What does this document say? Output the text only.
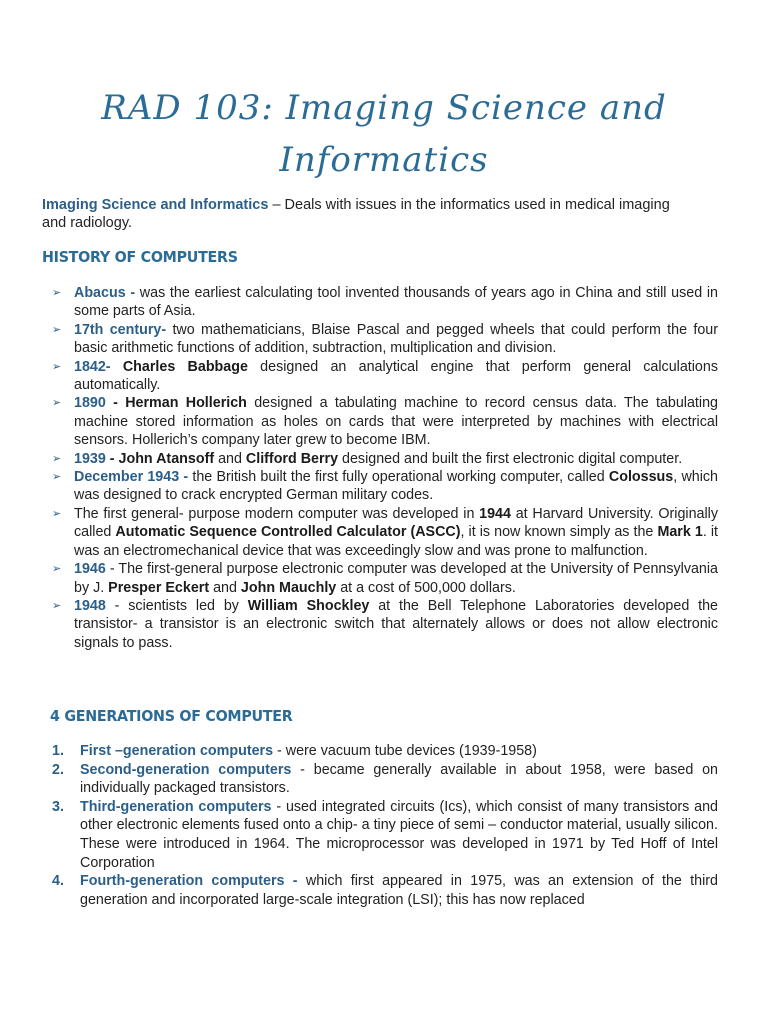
RAD 103: Imaging Science and
Informatics
Imaging Science and Informatics – Deals with issues in the informatics used in medical imaging and radiology.
HISTORY OF COMPUTERS
➢ Abacus - was the earliest calculating tool invented thousands of years ago in China and still used in some parts of Asia.
➢ 17th century- two mathematicians, Blaise Pascal and pegged wheels that could perform the four basic arithmetic functions of addition, subtraction, multiplication and division.
➢ 1842- Charles Babbage designed an analytical engine that perform general calculations automatically.
➢ 1890 - Herman Hollerich designed a tabulating machine to record census data. The tabulating machine stored information as holes on cards that were interpreted by machines with electrical sensors. Hollerich’s company later grew to become IBM.
➢ 1939 - John Atansoff and Clifford Berry designed and built the first electronic digital computer.
➢ December 1943 - the British built the first fully operational working computer, called Colossus, which was designed to crack encrypted German military codes.
➢ The first general- purpose modern computer was developed in 1944 at Harvard University. Originally called Automatic Sequence Controlled Calculator (ASCC), it is now known simply as the Mark 1. it was an electromechanical device that was exceedingly slow and was prone to malfunction.
➢ 1946 - The first-general purpose electronic computer was developed at the University of Pennsylvania by J. Presper Eckert and John Mauchly at a cost of 500,000 dollars.
➢ 1948 - scientists led by William Shockley at the Bell Telephone Laboratories developed the transistor- a transistor is an electronic switch that alternately allows or does not allow electronic signals to pass.
4 GENERATIONS OF COMPUTER
1. First –generation computers - were vacuum tube devices (1939-1958)
2. Second-generation computers - became generally available in about 1958, were based on individually packaged transistors.
3. Third-generation computers - used integrated circuits (Ics), which consist of many transistors and other electronic elements fused onto a chip- a tiny piece of semi – conductor material, usually silicon. These were introduced in 1964. The microprocessor was developed in 1971 by Ted Hoff of Intel Corporation
4. Fourth-generation computers - which first appeared in 1975, was an extension of the third generation and incorporated large-scale integration (LSI); this has now replaced
